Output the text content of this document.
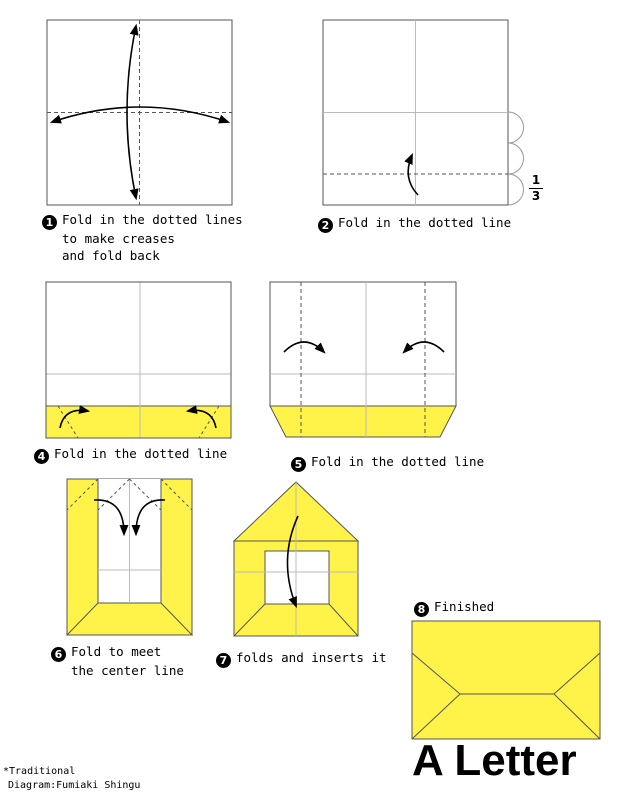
1 Fold in the dotted lines
to make creases
and fold back
2 Fold in the dotted line
1
3
4 Fold in the dotted line
5 Fold in the dotted line
6 Fold to meet
the center line
7 folds and inserts it
8 Finished
A Letter
*Traditional
Diagram:Fumiaki Shingu
